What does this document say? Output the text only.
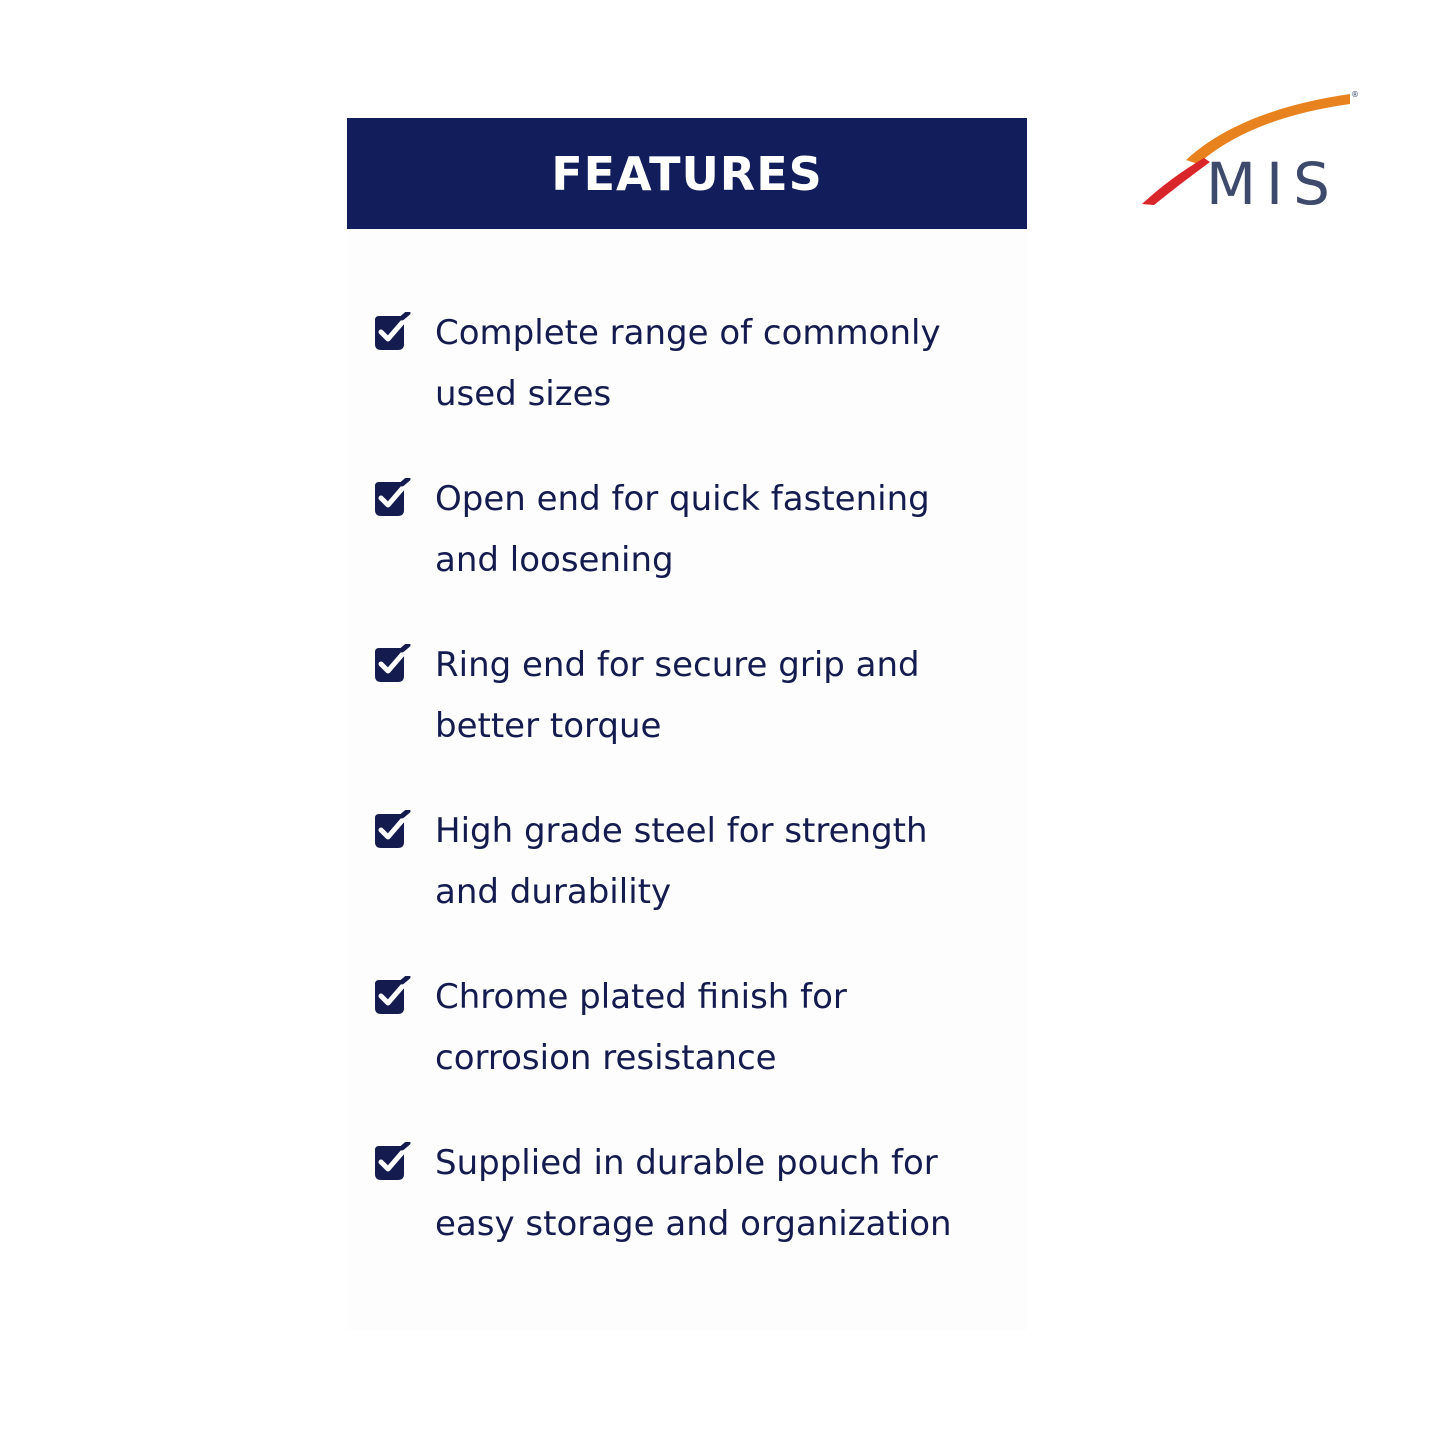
FEATURES
Complete range of commonly used sizes
Open end for quick fastening and loosening
Ring end for secure grip and better torque
High grade steel for strength and durability
Chrome plated finish for corrosion resistance
Supplied in durable pouch for easy storage and organization
MIS
®
